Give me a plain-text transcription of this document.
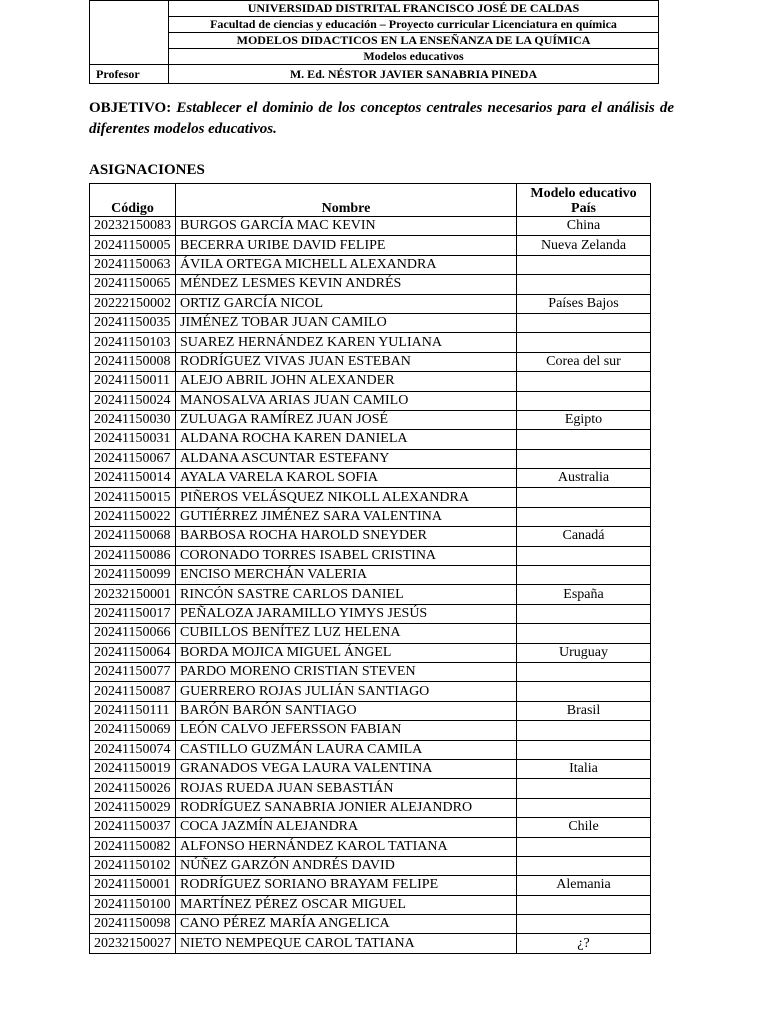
	UNIVERSIDAD DISTRITAL FRANCISCO JOSÉ DE CALDAS
	Facultad de ciencias y educación – Proyecto curricular Licenciatura en química
	MODELOS DIDACTICOS EN LA ENSEÑANZA DE LA QUÍMICA
	Modelos educativos
Profesor	M. Ed. NÉSTOR JAVIER SANABRIA PINEDA
OBJETIVO: Establecer el dominio de los conceptos centrales necesarios para el análisis de diferentes modelos educativos.
ASIGNACIONES
Código	Nombre	Modelo educativo
País

20232150083	BURGOS GARCÍA MAC KEVIN	China
20241150005	BECERRA URIBE DAVID FELIPE	Nueva Zelanda
20241150063	ÁVILA ORTEGA MICHELL ALEXANDRA	
20241150065	MÉNDEZ LESMES KEVIN ANDRÉS	
20222150002	ORTIZ GARCÍA NICOL	Países Bajos
20241150035	JIMÉNEZ TOBAR JUAN CAMILO	
20241150103	SUAREZ HERNÁNDEZ KAREN YULIANA	
20241150008	RODRÍGUEZ VIVAS JUAN ESTEBAN	Corea del sur
20241150011	ALEJO ABRIL JOHN ALEXANDER	
20241150024	MANOSALVA ARIAS JUAN CAMILO	
20241150030	ZULUAGA RAMÍREZ JUAN JOSÉ	Egipto
20241150031	ALDANA ROCHA KAREN DANIELA	
20241150067	ALDANA ASCUNTAR ESTEFANY	
20241150014	AYALA VARELA KAROL SOFIA	Australia
20241150015	PIÑEROS VELÁSQUEZ NIKOLL ALEXANDRA	
20241150022	GUTIÉRREZ JIMÉNEZ SARA VALENTINA	
20241150068	BARBOSA ROCHA HAROLD SNEYDER	Canadá
20241150086	CORONADO TORRES ISABEL CRISTINA	
20241150099	ENCISO MERCHÁN VALERIA	
20232150001	RINCÓN SASTRE CARLOS DANIEL	España
20241150017	PEÑALOZA JARAMILLO YIMYS JESÚS	
20241150066	CUBILLOS BENÍTEZ LUZ HELENA	
20241150064	BORDA MOJICA MIGUEL ÁNGEL	Uruguay
20241150077	PARDO MORENO CRISTIAN STEVEN	
20241150087	GUERRERO ROJAS JULIÁN SANTIAGO	
20241150111	BARÓN BARÓN SANTIAGO	Brasil
20241150069	LEÓN CALVO JEFERSSON FABIAN	
20241150074	CASTILLO GUZMÁN LAURA CAMILA	
20241150019	GRANADOS VEGA LAURA VALENTINA	Italia
20241150026	ROJAS RUEDA JUAN SEBASTIÁN	
20241150029	RODRÍGUEZ SANABRIA JONIER ALEJANDRO	
20241150037	COCA JAZMÍN ALEJANDRA	Chile
20241150082	ALFONSO HERNÁNDEZ KAROL TATIANA	
20241150102	NÚÑEZ GARZÓN ANDRÉS DAVID	
20241150001	RODRÍGUEZ SORIANO BRAYAM FELIPE	Alemania
20241150100	MARTÍNEZ PÉREZ OSCAR MIGUEL	
20241150098	CANO PÉREZ MARÍA ANGELICA	
20232150027	NIETO NEMPEQUE CAROL TATIANA	¿?
